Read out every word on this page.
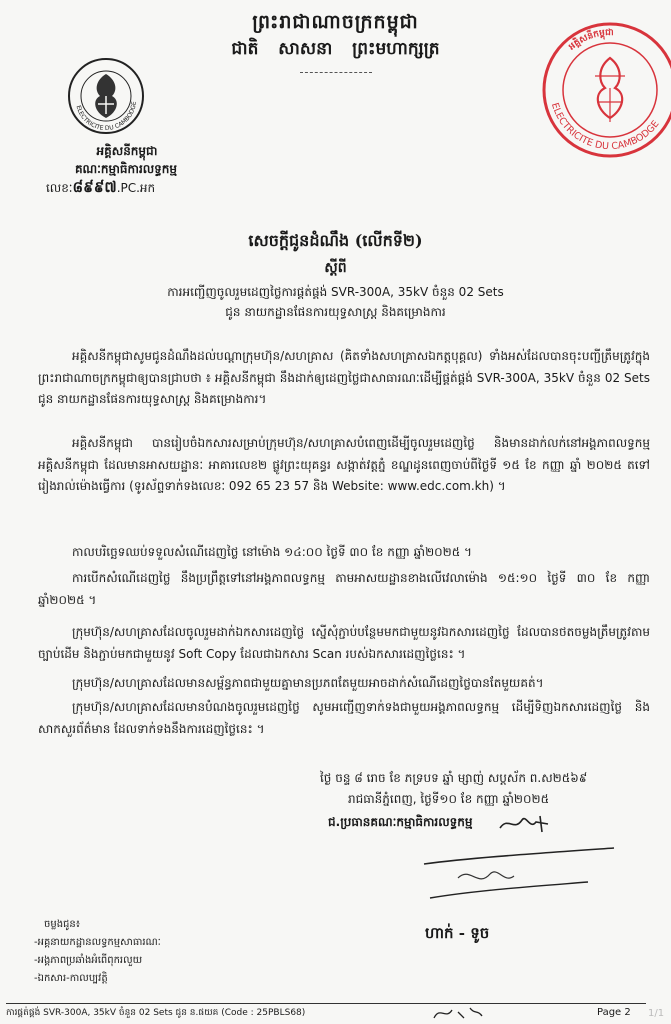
ព្រះរាជាណាចក្រកម្ពុជា
ជាតិ សាសនា ព្រះមហាក្សត្រ
ELECTRICITE DU CAMBODGE
អគ្គិសនីកម្ពុជា
គណៈកម្មាធិការលទ្ធកម្ម
លេខៈ៨៩៩៧.PC.អក
ELECTRICITE DU CAMBODGE
អគ្គិសនីកម្ពុជា
សេចក្តីជូនដំណឹង (លើកទី២)
ស្តីពី
ការអញ្ជើញចូលរួមដេញថ្លៃការផ្គត់ផ្គង់ SVR-300A, 35kV ចំនួន 02 Sets
ជូន នាយកដ្ឋានផែនការយុទ្ធសាស្ត្រ និងគម្រោងការ
អគ្គិសនីកម្ពុជាសូមជូនដំណឹងដល់បណ្តាក្រុមហ៊ុន/សហគ្រាស (គិតទាំងសហគ្រាសឯកត្តបុគ្គល) ទាំងអស់ដែលបានចុះបញ្ជីត្រឹមត្រូវក្នុងព្រះរាជាណាចក្រកម្ពុជាឲ្យបានជ្រាបថា ៖ អគ្គិសនីកម្ពុជា នឹងដាក់ឲ្យដេញថ្លៃជាសាធារណៈដើម្បីផ្គត់ផ្គង់ SVR-300A, 35kV ចំនួន 02 Sets ជូន នាយកដ្ឋានផែនការយុទ្ធសាស្ត្រ និងគម្រោងការ។
អគ្គិសនីកម្ពុជា បានរៀបចំឯកសារសម្រាប់ក្រុមហ៊ុន/សហគ្រាសបំពេញដើម្បីចូលរួមដេញថ្លៃ និងមានដាក់លក់នៅអង្គភាពលទ្ធកម្មអគ្គិសនីកម្ពុជា ដែលមានអាសយដ្ឋានៈ អាគារលេខ២ ផ្លូវព្រះយុគន្ធរ សង្កាត់វត្តភ្នំ ខណ្ឌដូនពេញចាប់ពីថ្ងៃទី ១៥ ខែ កញ្ញា ឆ្នាំ ២០២៥ តទៅរៀងរាល់ម៉ោងធ្វើការ (ទូរស័ព្ទទាក់ទងលេខៈ 092 65 23 57 និង Website: www.edc.com.kh) ។
កាលបរិច្ឆេទឈប់ទទួលសំណើដេញថ្លៃ នៅម៉ោង ១៤:០០ ថ្ងៃទី ៣០ ខែ កញ្ញា ឆ្នាំ២០២៥ ។
ការបើកសំណើដេញថ្លៃ នឹងប្រព្រឹត្តទៅនៅអង្គភាពលទ្ធកម្ម តាមអាសយដ្ឋានខាងលើវេលាម៉ោង ១៥:១០ ថ្ងៃទី ៣០ ខែ កញ្ញា ឆ្នាំ២០២៥ ។
ក្រុមហ៊ុន/សហគ្រាសដែលចូលរួមដាក់ឯកសារដេញថ្លៃ ស្នើសុំភ្ជាប់បន្ថែមមកជាមួយនូវឯកសារដេញថ្លៃ ដែលបានថតចម្លងត្រឹមត្រូវតាមច្បាប់ដើម និងភ្ជាប់មកជាមួយនូវ Soft Copy ដែលជាឯកសារ Scan របស់ឯកសារដេញថ្លៃនេះ ។
ក្រុមហ៊ុន/សហគ្រាសដែលមានសម្ព័ន្ធភាពជាមួយគ្នាមានប្រភពតែមួយអាចដាក់សំណើដេញថ្លៃបានតែមួយគត់។
ក្រុមហ៊ុន/សហគ្រាសដែលមានបំណងចូលរួមដេញថ្លៃ សូមអញ្ជើញទាក់ទងជាមួយអង្គភាពលទ្ធកម្ម ដើម្បីទិញឯកសារដេញថ្លៃ និងសាកសួរព័ត៌មាន ដែលទាក់ទងនឹងការដេញថ្លៃនេះ ។
ថ្ងៃ ចន្ទ ៨ រោច ខែ ភទ្របទ ឆ្នាំ ម្សាញ់ សប្តស័ក ព.ស២៥៦៩
រាជធានីភ្នំពេញ, ថ្ងៃទី១០ ខែ កញ្ញា ឆ្នាំ២០២៥
ជ.ប្រធានគណៈកម្មាធិការលទ្ធកម្ម
ហាក់ - ទូច
ចម្លងជូន៖
-អគ្គនាយកដ្ឋានលទ្ធកម្មសាធារណៈ
-អង្គភាពប្រឆាំងអំពើពុករលួយ
-ឯកសារ-កាលប្បវត្តិ
ការផ្គត់ផ្គង់ SVR-300A, 35kV ចំនួន 02 Sets ជូន ន.ផយគ (Code : 25PBLS68)	Page 2 1/1
